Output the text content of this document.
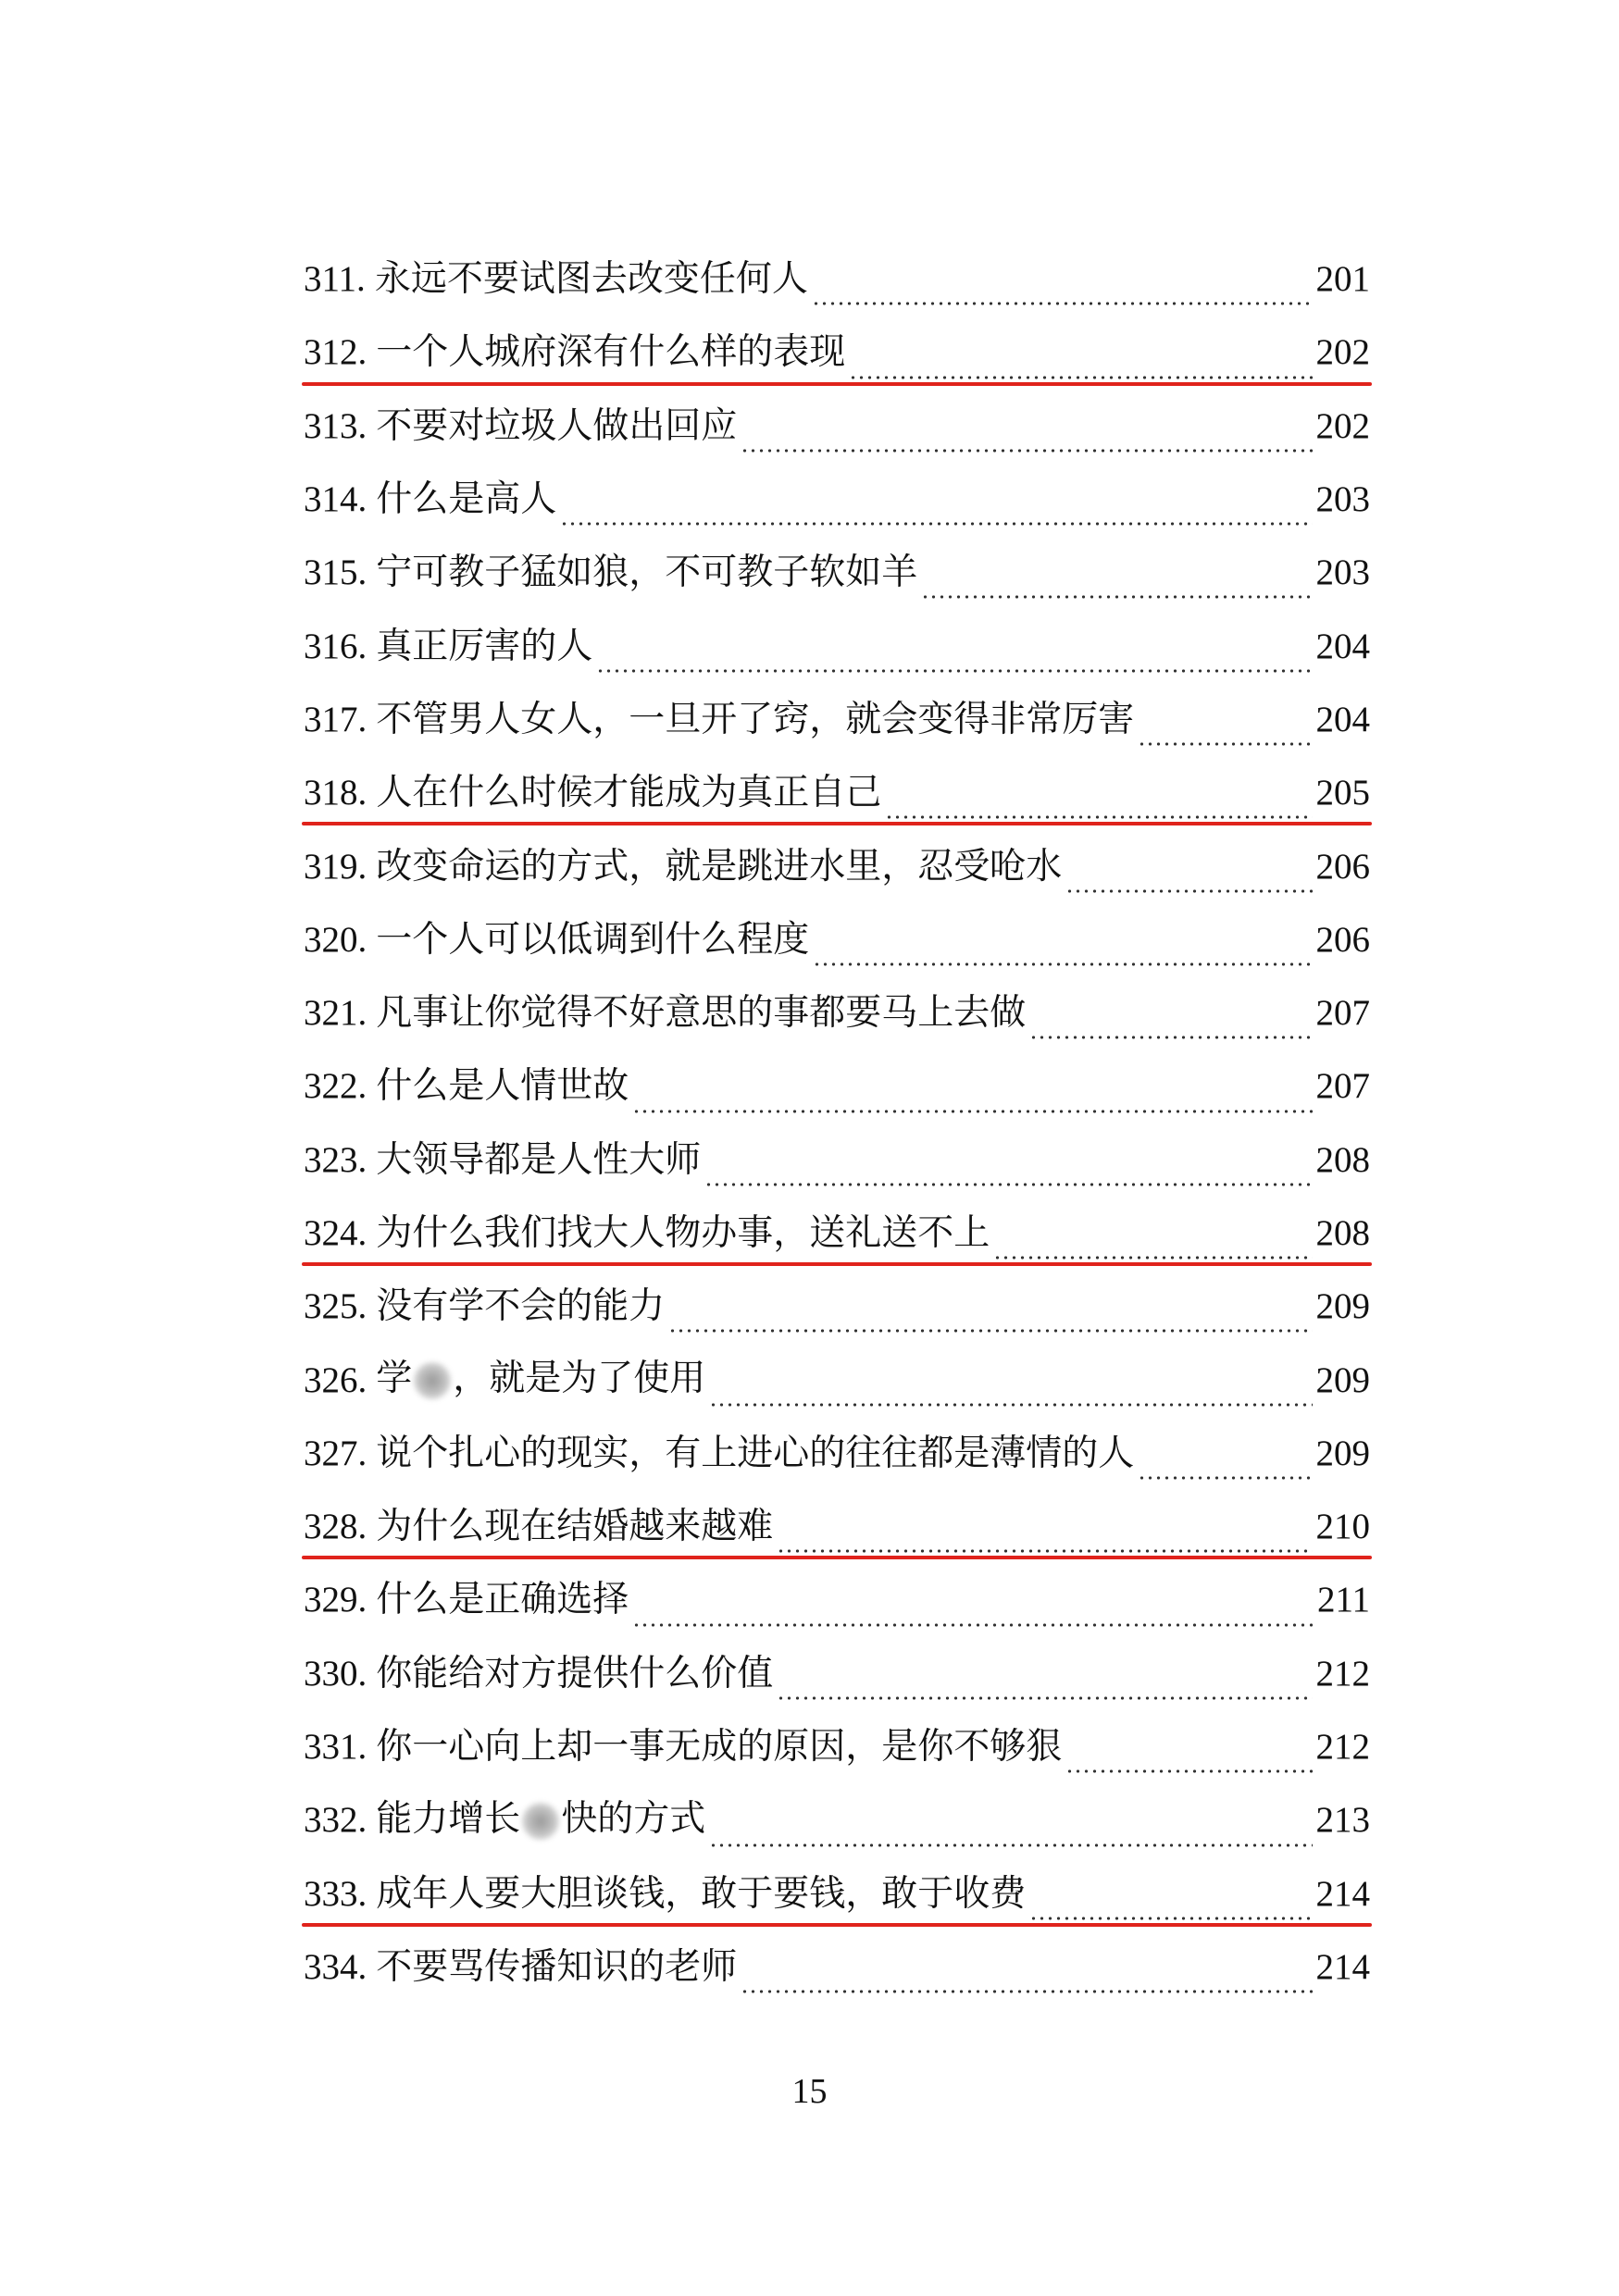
311. 永远不要试图去改变任何人	201
312. 一个人城府深有什么样的表现	202
313. 不要对垃圾人做出回应	202
314. 什么是高人	203
315. 宁可教子猛如狼，不可教子软如羊	203
316. 真正厉害的人	204
317. 不管男人女人，一旦开了窍，就会变得非常厉害	204
318. 人在什么时候才能成为真正自己	205
319. 改变命运的方式，就是跳进水里，忍受呛水	206
320. 一个人可以低调到什么程度	206
321. 凡事让你觉得不好意思的事都要马上去做	207
322. 什么是人情世故	207
323. 大领导都是人性大师	208
324. 为什么我们找大人物办事，送礼送不上	208
325. 没有学不会的能力	209
326. 学 ，就是为了使用	209
327. 说个扎心的现实，有上进心的往往都是薄情的人	209
328. 为什么现在结婚越来越难	210
329. 什么是正确选择	211
330. 你能给对方提供什么价值	212
331. 你一心向上却一事无成的原因，是你不够狠	212
332. 能力增长 快的方式	213
333. 成年人要大胆谈钱，敢于要钱，敢于收费	214
334. 不要骂传播知识的老师	214
15
